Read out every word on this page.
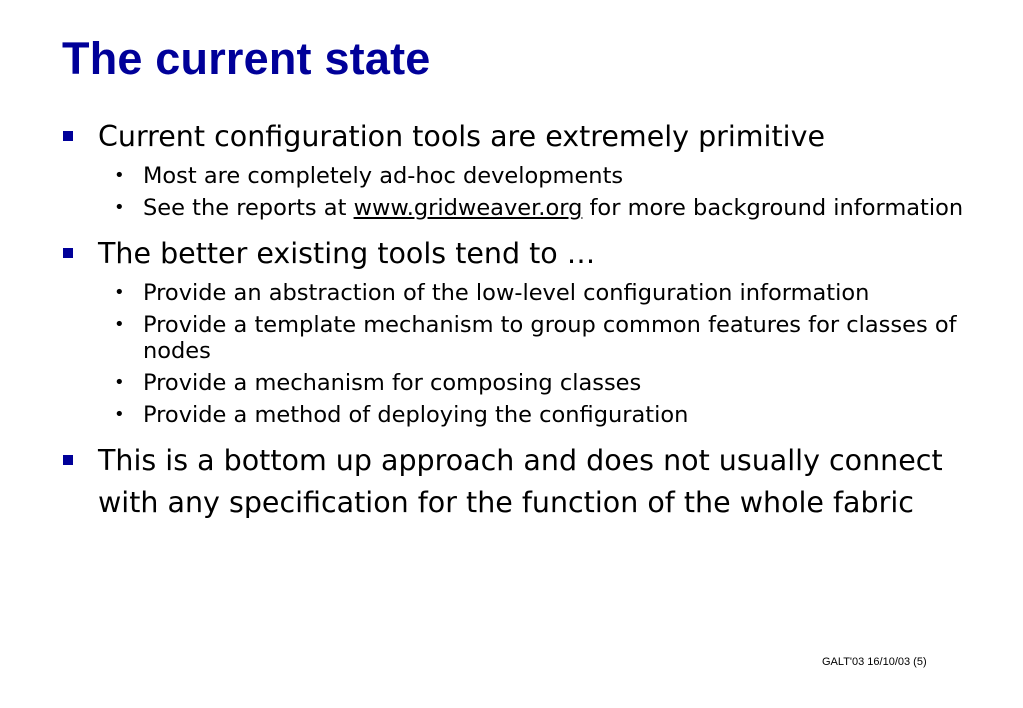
The current state
Current configuration tools are extremely primitive
• Most are completely ad-hoc developments
• See the reports at www.gridweaver.org for more background information
The better existing tools tend to …
• Provide an abstraction of the low-level configuration information
• Provide a template mechanism to group common features for classes of nodes
• Provide a mechanism for composing classes
• Provide a method of deploying the configuration
This is a bottom up approach and does not usually connect with any specification for the function of the whole fabric
GALT'03 16/10/03 (5)
